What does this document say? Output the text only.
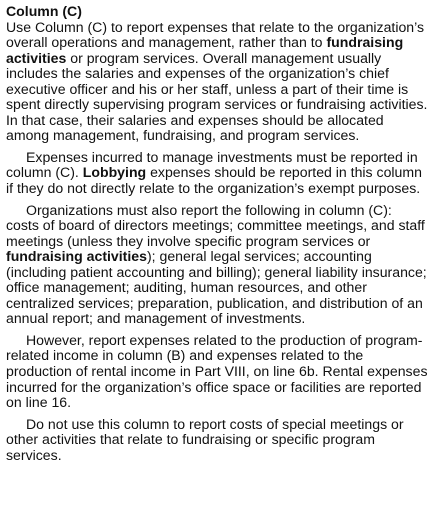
Column (C)

Use Column (C) to report expenses that relate to the organization’s overall operations and management, rather than to fundraising activities or program services. Overall management usually includes the salaries and expenses of the organization’s chief executive officer and his or her staff, unless a part of their time is spent directly supervising program services or fundraising activities. In that case, their salaries and expenses should be allocated among management, fundraising, and program services.

Expenses incurred to manage investments must be reported in column (C). Lobbying expenses should be reported in this column if they do not directly relate to the organization’s exempt purposes.

Organizations must also report the following in column (C): costs of board of directors meetings; committee meetings, and staff meetings (unless they involve specific program services or fundraising activities); general legal services; accounting (including patient accounting and billing); general liability insurance; office management; auditing, human resources, and other centralized services; preparation, publication, and distribution of an annual report; and management of investments.

However, report expenses related to the production of program-related income in column (B) and expenses related to the production of rental income in Part VIII, on line 6b. Rental expenses incurred for the organization’s office space or facilities are reported on line 16.

Do not use this column to report costs of special meetings or other activities that relate to fundraising or specific program services.
